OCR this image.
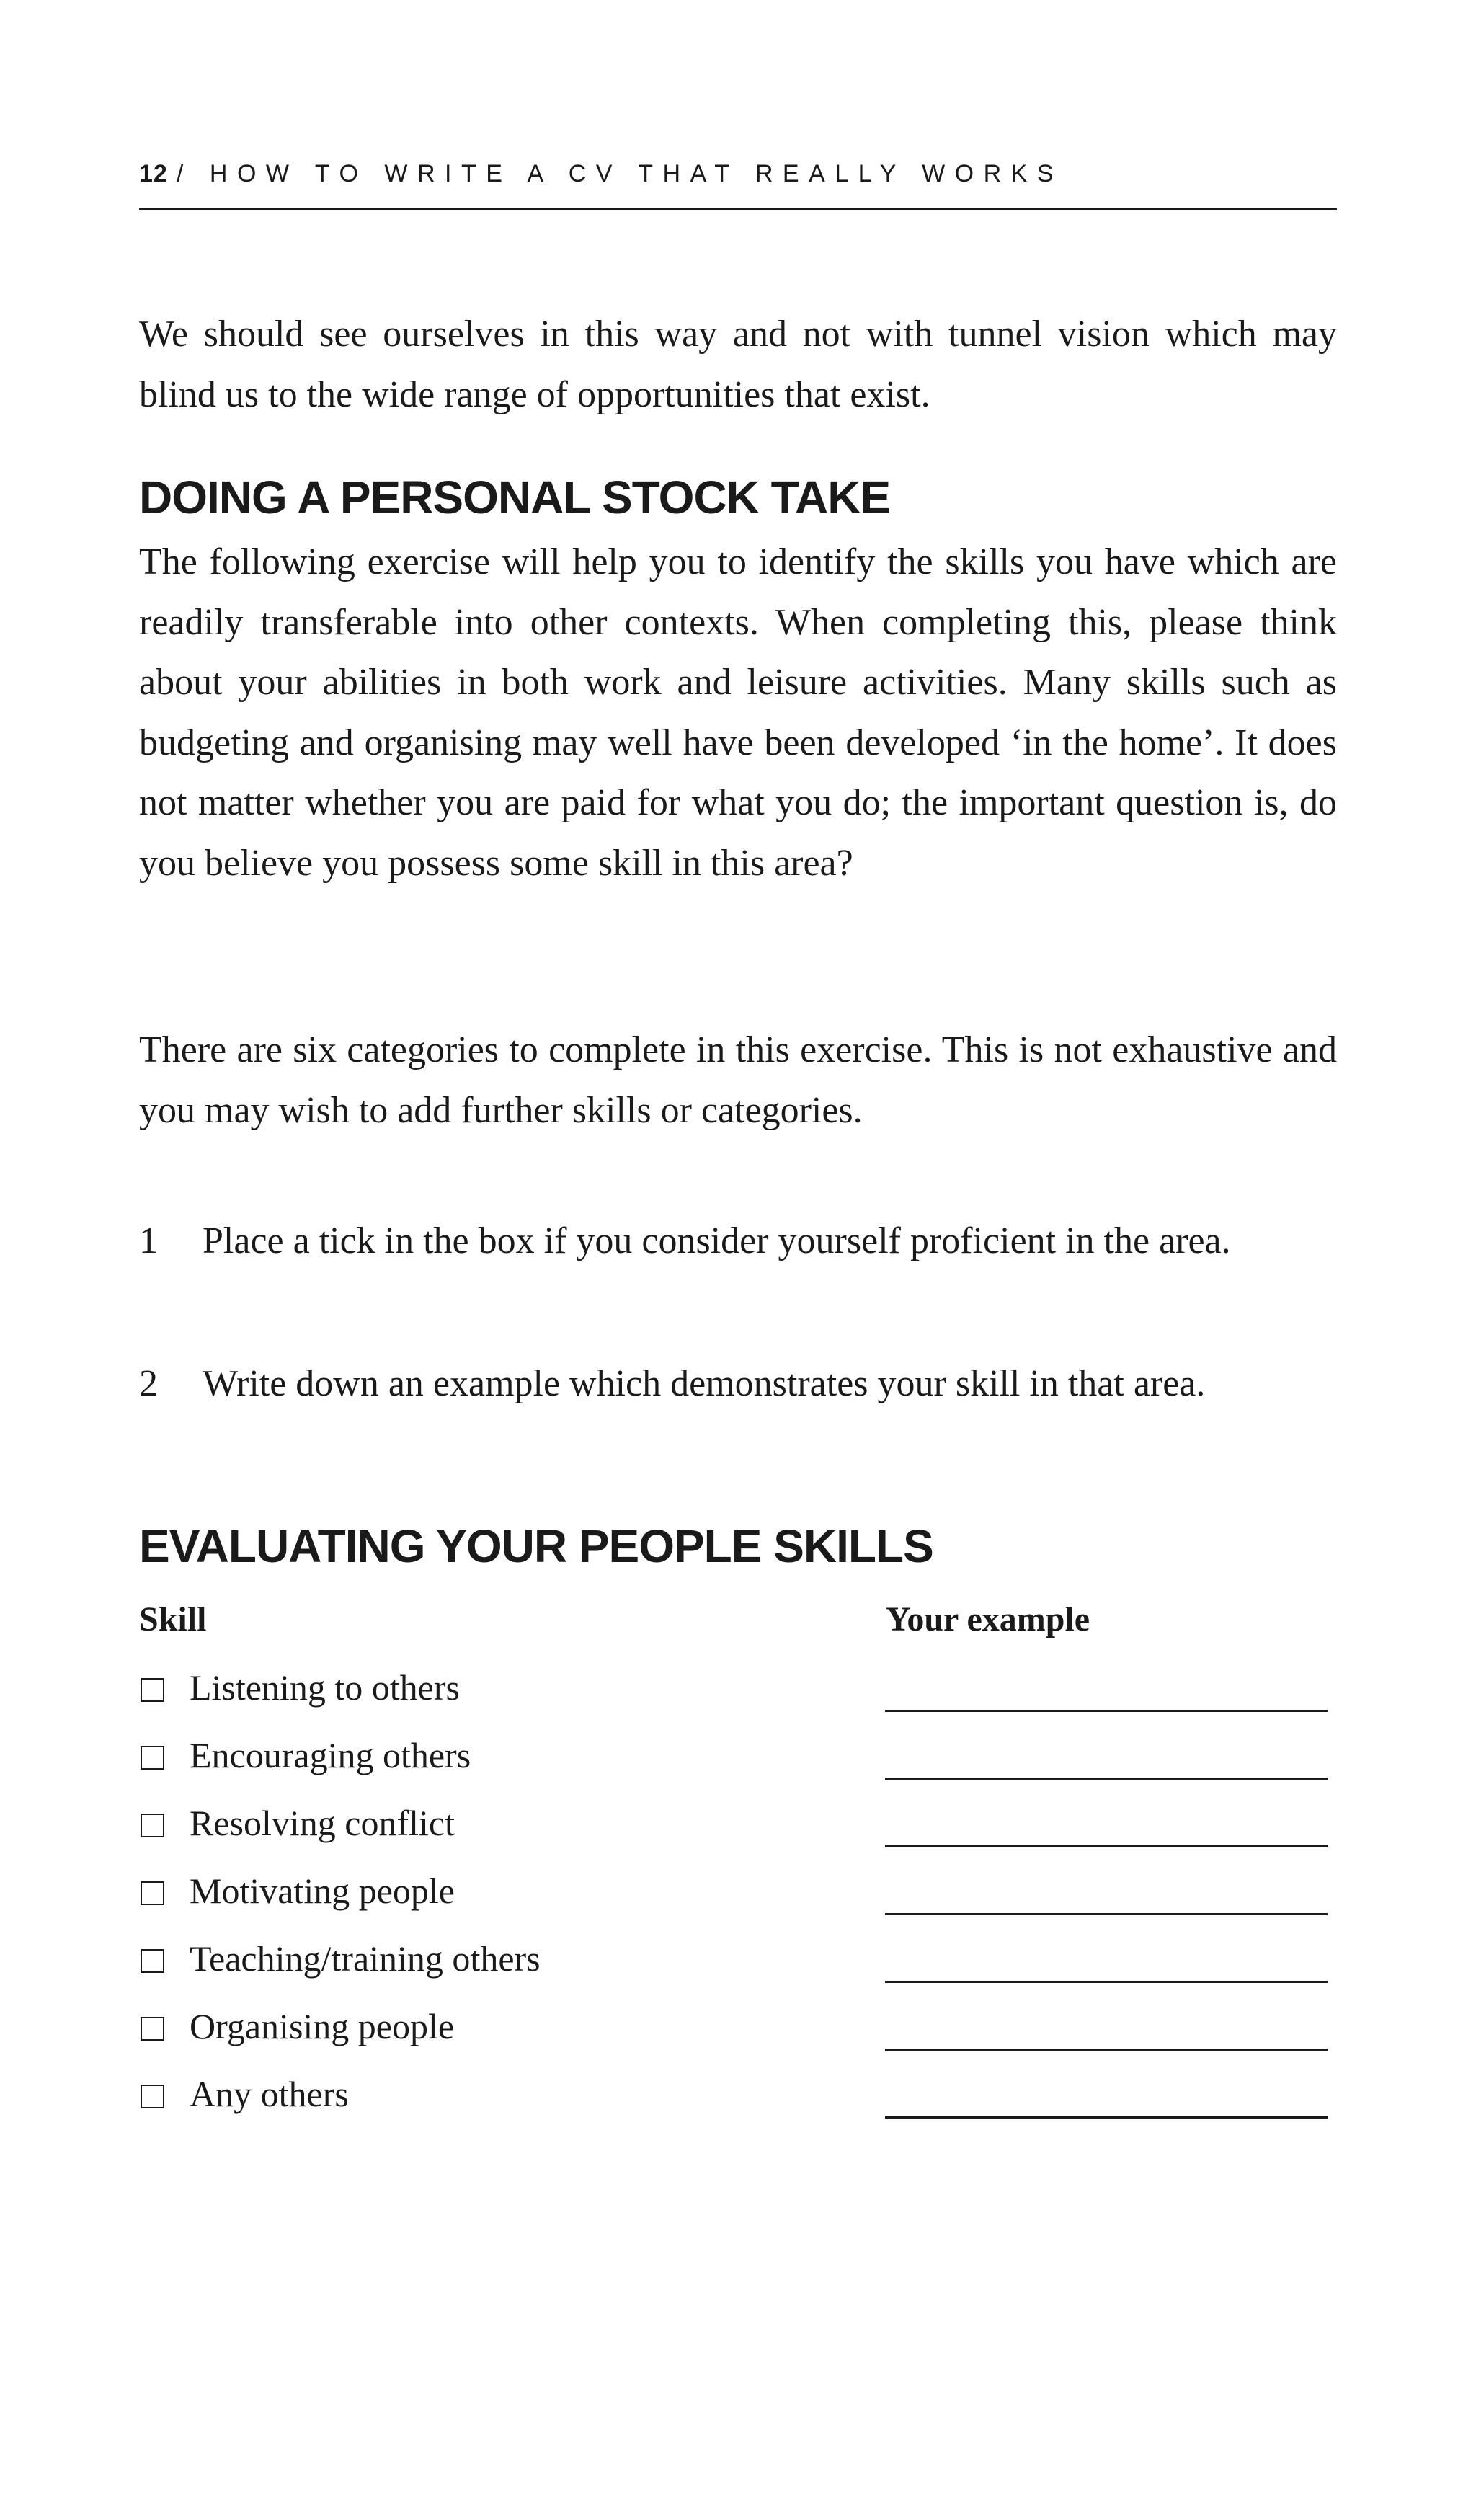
12 / HOW TO WRITE A CV THAT REALLY WORKS

We should see ourselves in this way and not with tunnel vision which may blind us to the wide range of opportunities that exist.

DOING A PERSONAL STOCK TAKE

The following exercise will help you to identify the skills you have which are readily transferable into other contexts. When completing this, please think about your abilities in both work and leisure activities. Many skills such as budgeting and organising may well have been developed ‘in the home’. It does not matter whether you are paid for what you do; the important question is, do you believe you possess some skill in this area?

There are six categories to complete in this exercise. This is not exhaustive and you may wish to add further skills or categories.

1 Place a tick in the box if you consider yourself proficient in the area.

2 Write down an example which demonstrates your skill in that area.

EVALUATING YOUR PEOPLE SKILLS
Skill	Your example
Listening to others
Encouraging others
Resolving conflict
Motivating people
Teaching/training others
Organising people
Any others
